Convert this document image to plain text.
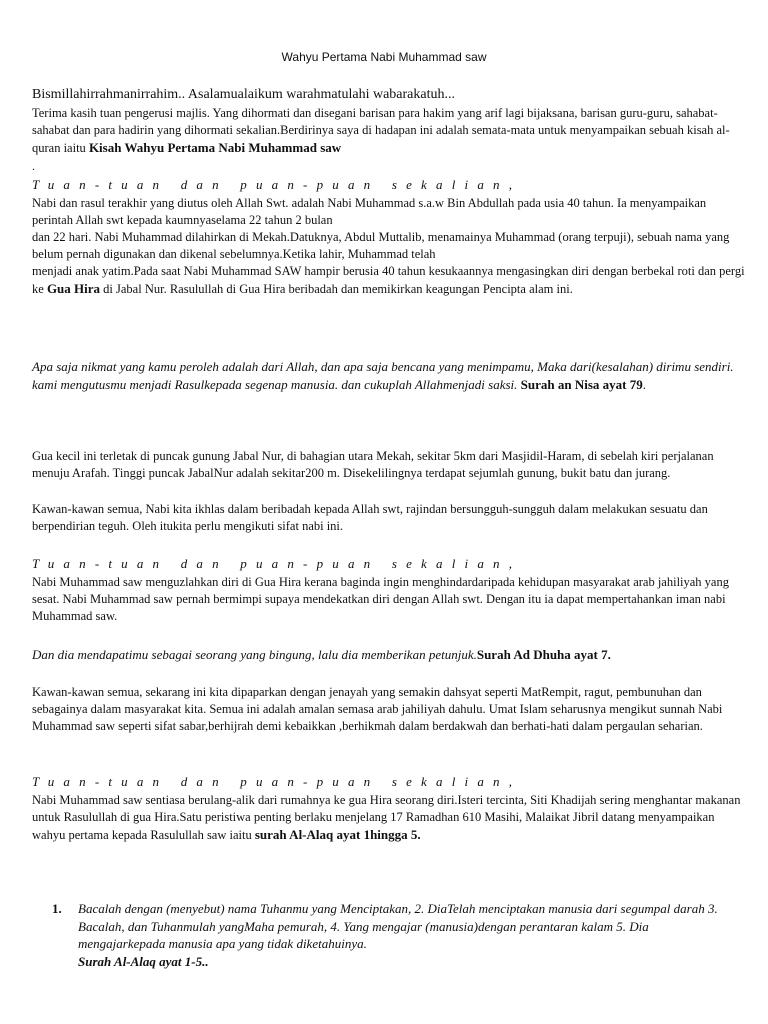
Wahyu Pertama Nabi Muhammad saw
Bismillahirrahmanirrahim.. Asalamualaikum warahmatulahi wabarakatuh...
Terima kasih tuan pengerusi majlis. Yang dihormati dan disegani barisan para hakim yang arif lagi bijaksana, barisan guru-guru, sahabat-sahabat dan para hadirin yang dihormati sekalian.Berdirinya saya di hadapan ini adalah semata-mata untuk menyampaikan sebuah kisah al-quran iaitu Kisah Wahyu Pertama Nabi Muhammad saw
.
Tuan-tuan dan puan-puan sekalian,
Nabi dan rasul terakhir yang diutus oleh Allah Swt. adalah Nabi Muhammad s.a.w Bin Abdullah pada usia 40 tahun. Ia menyampaikan perintah Allah swt kepada kaumnyaselama 22 tahun 2 bulan
dan 22 hari. Nabi Muhammad dilahirkan di Mekah.Datuknya, Abdul Muttalib, menamainya Muhammad (orang terpuji), sebuah nama yang belum pernah digunakan dan dikenal sebelumnya.Ketika lahir, Muhammad telah
menjadi anak yatim.Pada saat Nabi Muhammad SAW hampir berusia 40 tahun kesukaannya mengasingkan diri dengan berbekal roti dan pergi ke Gua Hira di Jabal Nur. Rasulullah di Gua Hira beribadah dan memikirkan keagungan Pencipta alam ini.
Apa saja nikmat yang kamu peroleh adalah dari Allah, dan apa saja bencana yang menimpamu, Maka dari(kesalahan) dirimu sendiri. kami mengutusmu menjadi Rasulkepada segenap manusia. dan cukuplah Allahmenjadi saksi. Surah an Nisa ayat 79.
Gua kecil ini terletak di puncak gunung Jabal Nur, di bahagian utara Mekah, sekitar 5km dari Masjidil-Haram, di sebelah kiri perjalanan menuju Arafah. Tinggi puncak JabalNur adalah sekitar200 m. Disekelilingnya terdapat sejumlah gunung, bukit batu dan jurang.
Kawan-kawan semua, Nabi kita ikhlas dalam beribadah kepada Allah swt, rajindan bersungguh-sungguh dalam melakukan sesuatu dan berpendirian teguh. Oleh itukita perlu mengikuti sifat nabi ini.
Tuan-tuan dan puan-puan sekalian,
Nabi Muhammad saw menguzlahkan diri di Gua Hira kerana baginda ingin menghindardaripada kehidupan masyarakat arab jahiliyah yang sesat. Nabi Muhammad saw pernah bermimpi supaya mendekatkan diri dengan Allah swt. Dengan itu ia dapat mempertahankan iman nabi Muhammad saw.
Dan dia mendapatimu sebagai seorang yang bingung, lalu dia memberikan petunjuk.Surah Ad Dhuha ayat 7.
Kawan-kawan semua, sekarang ini kita dipaparkan dengan jenayah yang semakin dahsyat seperti MatRempit, ragut, pembunuhan dan sebagainya dalam masyarakat kita. Semua ini adalah amalan semasa arab jahiliyah dahulu. Umat Islam seharusnya mengikut sunnah Nabi Muhammad saw seperti sifat sabar,berhijrah demi kebaikkan ,berhikmah dalam berdakwah dan berhati-hati dalam pergaulan seharian.
Tuan-tuan dan puan-puan sekalian,
Nabi Muhammad saw sentiasa berulang-alik dari rumahnya ke gua Hira seorang diri.Isteri tercinta, Siti Khadijah sering menghantar makanan untuk Rasulullah di gua Hira.Satu peristiwa penting berlaku menjelang 17 Ramadhan 610 Masihi, Malaikat Jibril datang menyampaikan wahyu pertama kepada Rasulullah saw iaitu surah Al-Alaq ayat 1hingga 5.
1. Bacalah dengan (menyebut) nama Tuhanmu yang Menciptakan, 2. DiaTelah menciptakan manusia dari segumpal darah 3. Bacalah, dan Tuhanmulah yangMaha pemurah, 4. Yang mengajar (manusia)dengan perantaran kalam 5. Dia mengajarkepada manusia apa yang tidak diketahuinya.
Surah Al-Alaq ayat 1-5..
